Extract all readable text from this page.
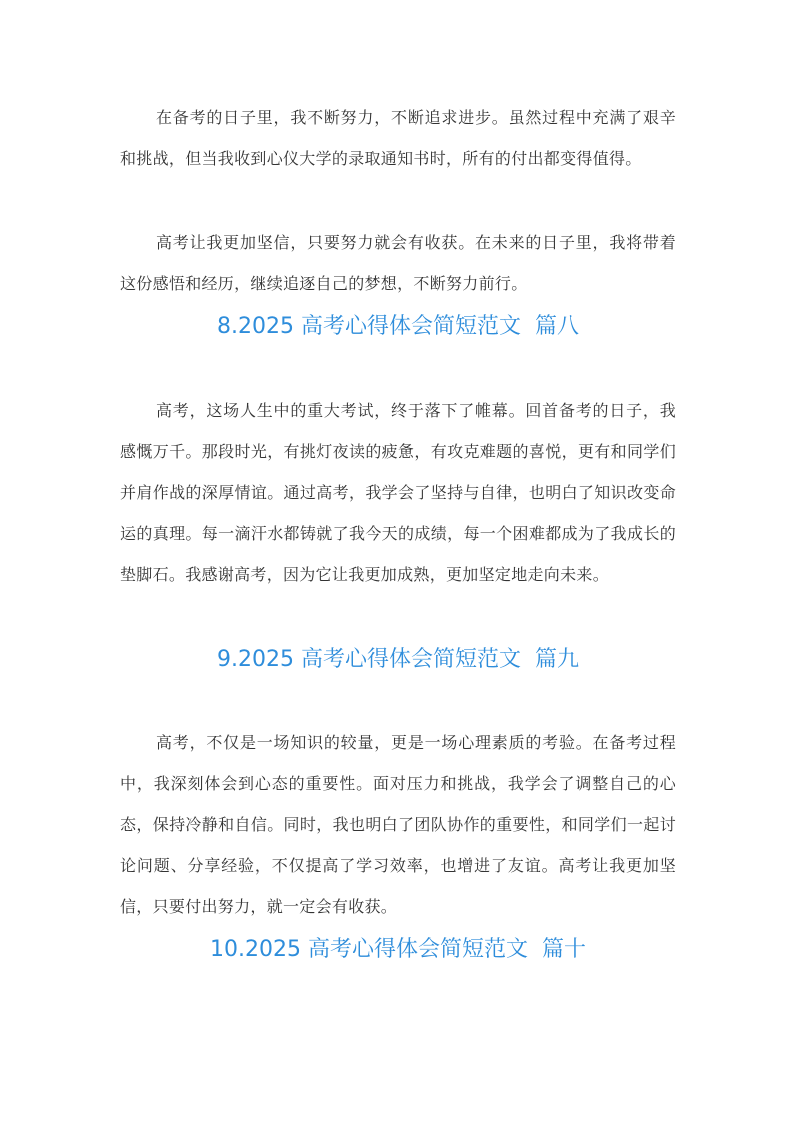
在备考的日子里，我不断努力，不断追求进步。虽然过程中充满了艰辛和挑战，但当我收到心仪大学的录取通知书时，所有的付出都变得值得。

高考让我更加坚信，只要努力就会有收获。在未来的日子里，我将带着这份感悟和经历，继续追逐自己的梦想，不断努力前行。

8.2025 高考心得体会简短范文  篇八

高考，这场人生中的重大考试，终于落下了帷幕。回首备考的日子，我感慨万千。那段时光，有挑灯夜读的疲惫，有攻克难题的喜悦，更有和同学们并肩作战的深厚情谊。通过高考，我学会了坚持与自律，也明白了知识改变命运的真理。每一滴汗水都铸就了我今天的成绩，每一个困难都成为了我成长的垫脚石。我感谢高考，因为它让我更加成熟，更加坚定地走向未来。

9.2025 高考心得体会简短范文  篇九

高考，不仅是一场知识的较量，更是一场心理素质的考验。在备考过程中，我深刻体会到心态的重要性。面对压力和挑战，我学会了调整自己的心态，保持冷静和自信。同时，我也明白了团队协作的重要性，和同学们一起讨论问题、分享经验，不仅提高了学习效率，也增进了友谊。高考让我更加坚信，只要付出努力，就一定会有收获。

10.2025 高考心得体会简短范文  篇十
